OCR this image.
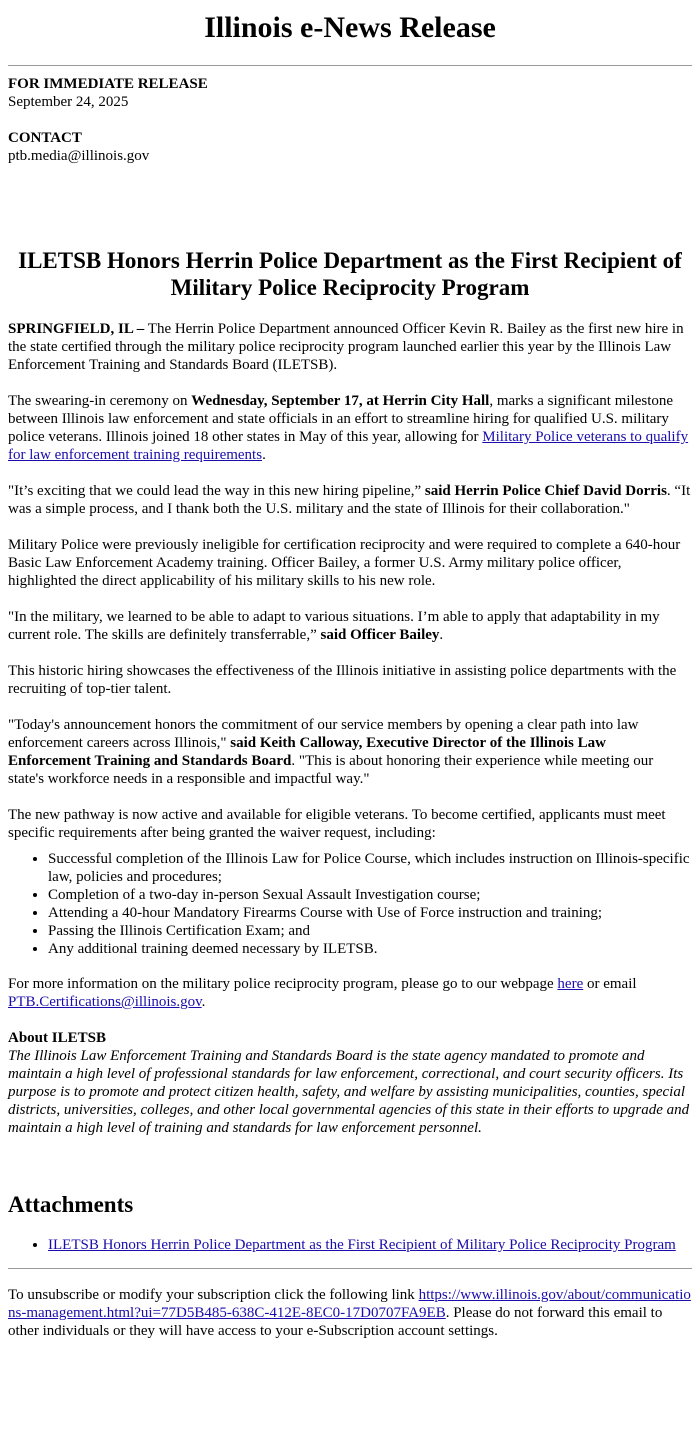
Illinois e-News Release
FOR IMMEDIATE RELEASE
September 24, 2025
CONTACT
ptb.media@illinois.gov
ILETSB Honors Herrin Police Department as the First Recipient of Military Police Reciprocity Program

SPRINGFIELD, IL – The Herrin Police Department announced Officer Kevin R. Bailey as the first new hire in the state certified through the military police reciprocity program launched earlier this year by the Illinois Law Enforcement Training and Standards Board (ILETSB).

The swearing-in ceremony on Wednesday, September 17, at Herrin City Hall, marks a significant milestone between Illinois law enforcement and state officials in an effort to streamline hiring for qualified U.S. military police veterans. Illinois joined 18 other states in May of this year, allowing for Military Police veterans to qualify for law enforcement training requirements.

"It’s exciting that we could lead the way in this new hiring pipeline,” said Herrin Police Chief David Dorris. “It was a simple process, and I thank both the U.S. military and the state of Illinois for their collaboration."

Military Police were previously ineligible for certification reciprocity and were required to complete a 640-hour Basic Law Enforcement Academy training. Officer Bailey, a former U.S. Army military police officer, highlighted the direct applicability of his military skills to his new role.

"In the military, we learned to be able to adapt to various situations. I’m able to apply that adaptability in my current role. The skills are definitely transferrable,” said Officer Bailey.

This historic hiring showcases the effectiveness of the Illinois initiative in assisting police departments with the recruiting of top-tier talent.

"Today's announcement honors the commitment of our service members by opening a clear path into law enforcement careers across Illinois," said Keith Calloway, Executive Director of the Illinois Law Enforcement Training and Standards Board. "This is about honoring their experience while meeting our state's workforce needs in a responsible and impactful way."

The new pathway is now active and available for eligible veterans. To become certified, applicants must meet specific requirements after being granted the waiver request, including:

• Successful completion of the Illinois Law for Police Course, which includes instruction on Illinois-specific law, policies and procedures;
• Completion of a two-day in-person Sexual Assault Investigation course;
• Attending a 40-hour Mandatory Firearms Course with Use of Force instruction and training;
• Passing the Illinois Certification Exam; and
• Any additional training deemed necessary by ILETSB.

For more information on the military police reciprocity program, please go to our webpage here or email PTB.Certifications@illinois.gov.

About ILETSB
The Illinois Law Enforcement Training and Standards Board is the state agency mandated to promote and maintain a high level of professional standards for law enforcement, correctional, and court security officers. Its purpose is to promote and protect citizen health, safety, and welfare by assisting municipalities, counties, special districts, universities, colleges, and other local governmental agencies of this state in their efforts to upgrade and maintain a high level of training and standards for law enforcement personnel.
Attachments
• ILETSB Honors Herrin Police Department as the First Recipient of Military Police Reciprocity Program
To unsubscribe or modify your subscription click the following link https://www.illinois.gov/about/communications-management.html?ui=77D5B485-638C-412E-8EC0-17D0707FA9EB. Please do not forward this email to other individuals or they will have access to your e-Subscription account settings.
